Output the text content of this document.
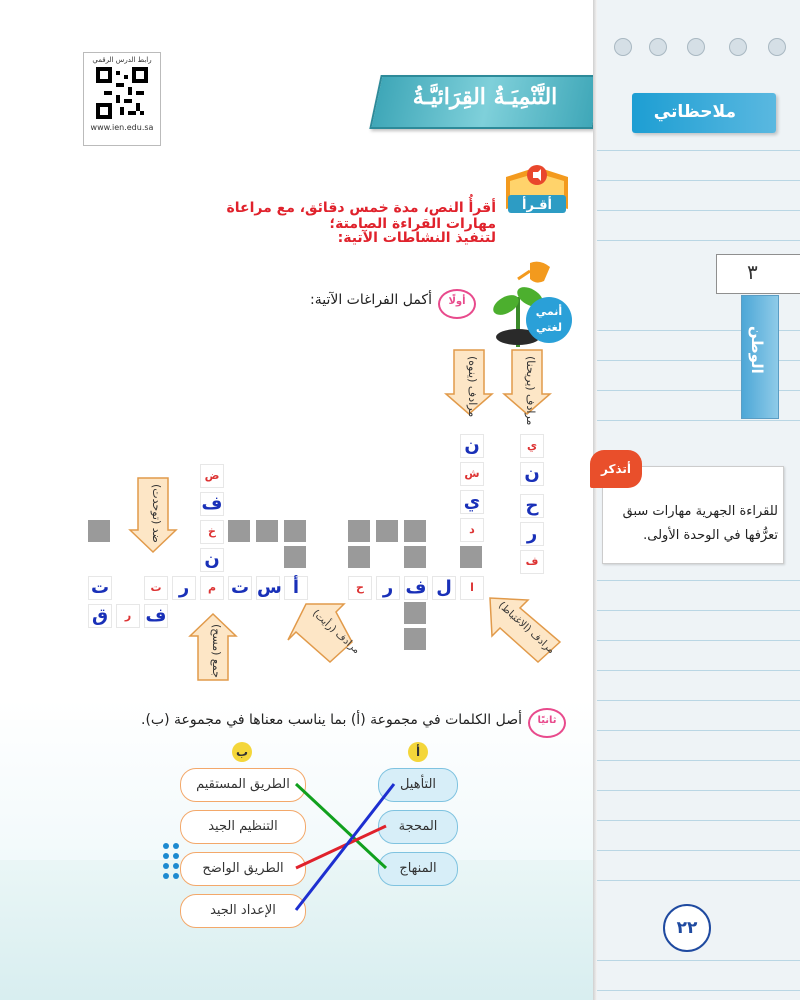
رابط الدرس الرقمي
www.ien.edu.sa
التَّنْمِيَـةُ القِرَائيَّـةُ
أقـرأ
أقرأُ النص، مدة خمس دقائق، مع مراعاة مهارات القراءة الصامتة؛
لتنفيذ النشاطات الآتية:
أنمي
لغتي
أولًا
أكمل الفراغات الآتية:
مرادف (يريحنا)
مرادف (ينوه)
ضد (توحدت)
جمع (مسح)	مرادف (رأيت)	مرادف (الاغتباط)
ي
ن
ح
ر
ف
ن
ش
ي
د
ا
ض
ف
خ
ن
ل
ف
ر
ح
أ
س
ت
م
ر
ت
ت
ف
ر
ق
ثانيًا
أصل الكلمات في مجموعة (أ) بما يناسب معناها في مجموعة (ب).
أ
ب
التأهيل
المحجة
المنهاج
الطريق المستقيم
التنظيم الجيد
الطريق الواضح
الإعداد الجيد
ملاحظاتي
٣
الوطن
أتذكر
للقراءة الجهرية مهارات سبق تعرُّفها في الوحدة الأولى.
٢٢
